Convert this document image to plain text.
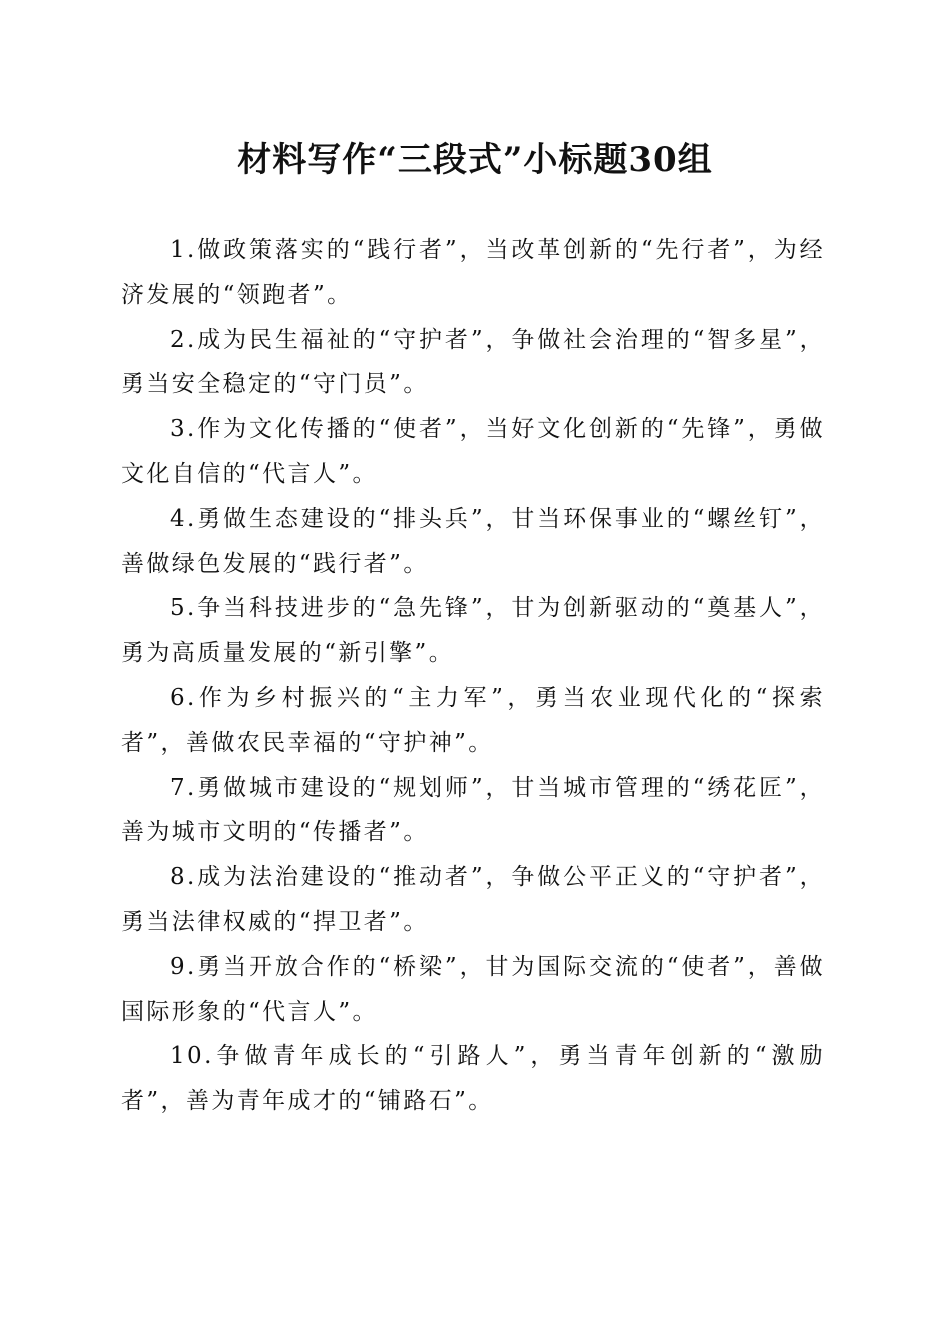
材料写作“三段式”小标题30组

1.做政策落实的“践行者”，当改革创新的“先行者”，为经济发展的“领跑者”。

2.成为民生福祉的“守护者”，争做社会治理的“智多星”，勇当安全稳定的“守门员”。

3.作为文化传播的“使者”，当好文化创新的“先锋”，勇做文化自信的“代言人”。

4.勇做生态建设的“排头兵”，甘当环保事业的“螺丝钉”，善做绿色发展的“践行者”。

5.争当科技进步的“急先锋”，甘为创新驱动的“奠基人”，勇为高质量发展的“新引擎”。

6.作为乡村振兴的“主力军”，勇当农业现代化的“探索者”，善做农民幸福的“守护神”。

7.勇做城市建设的“规划师”，甘当城市管理的“绣花匠”，善为城市文明的“传播者”。

8.成为法治建设的“推动者”，争做公平正义的“守护者”，勇当法律权威的“捍卫者”。

9.勇当开放合作的“桥梁”，甘为国际交流的“使者”，善做国际形象的“代言人”。

10.争做青年成长的“引路人”，勇当青年创新的“激励者”，善为青年成才的“铺路石”。
